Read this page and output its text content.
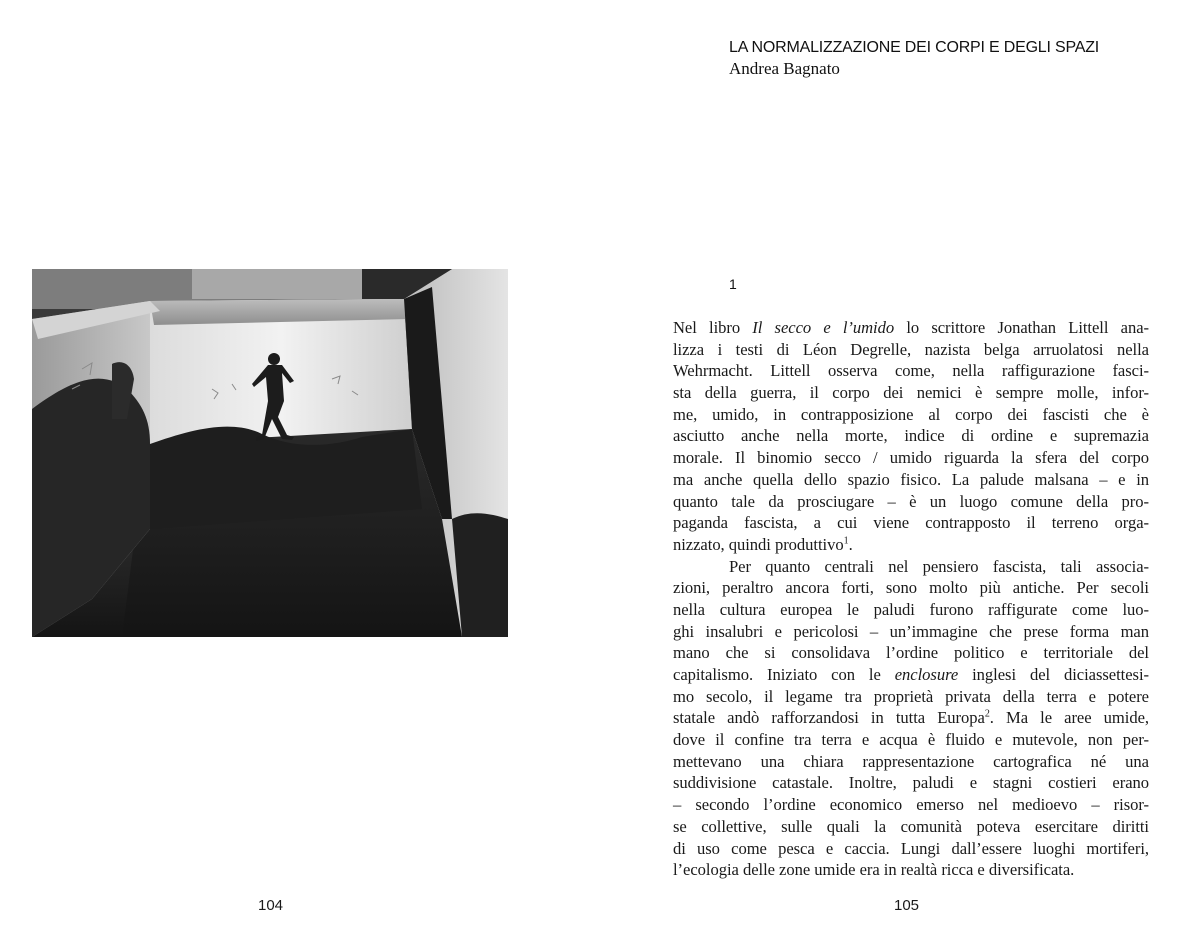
104
LA NORMALIZZAZIONE DEI CORPI E DEGLI SPAZI
Andrea Bagnato
1
Nel libro Il secco e l’umido lo scrittore Jonathan Littell ana-
lizza i testi di Léon Degrelle, nazista belga arruolatosi nella
Wehrmacht. Littell osserva come, nella raffigurazione fasci-
sta della guerra, il corpo dei nemici è sempre molle, infor-
me, umido, in contrapposizione al corpo dei fascisti che è
asciutto anche nella morte, indice di ordine e supremazia
morale. Il binomio secco / umido riguarda la sfera del corpo
ma anche quella dello spazio fisico. La palude malsana – e in
quanto tale da prosciugare – è un luogo comune della pro-
paganda fascista, a cui viene contrapposto il terreno orga-
nizzato, quindi produttivo$^1$.
Per quanto centrali nel pensiero fascista, tali associa-
zioni, peraltro ancora forti, sono molto più antiche. Per secoli
nella cultura europea le paludi furono raffigurate come luo-
ghi insalubri e pericolosi – un’immagine che prese forma man
mano che si consolidava l’ordine politico e territoriale del
capitalismo. Iniziato con le enclosure inglesi del diciassettesi-
mo secolo, il legame tra proprietà privata della terra e potere
statale andò rafforzandosi in tutta Europa$^2$. Ma le aree umide,
dove il confine tra terra e acqua è fluido e mutevole, non per-
mettevano una chiara rappresentazione cartografica né una
suddivisione catastale. Inoltre, paludi e stagni costieri erano
– secondo l’ordine economico emerso nel medioevo – risor-
se collettive, sulle quali la comunità poteva esercitare diritti
di uso come pesca e caccia. Lungi dall’essere luoghi mortiferi,
l’ecologia delle zone umide era in realtà ricca e diversificata.
105
